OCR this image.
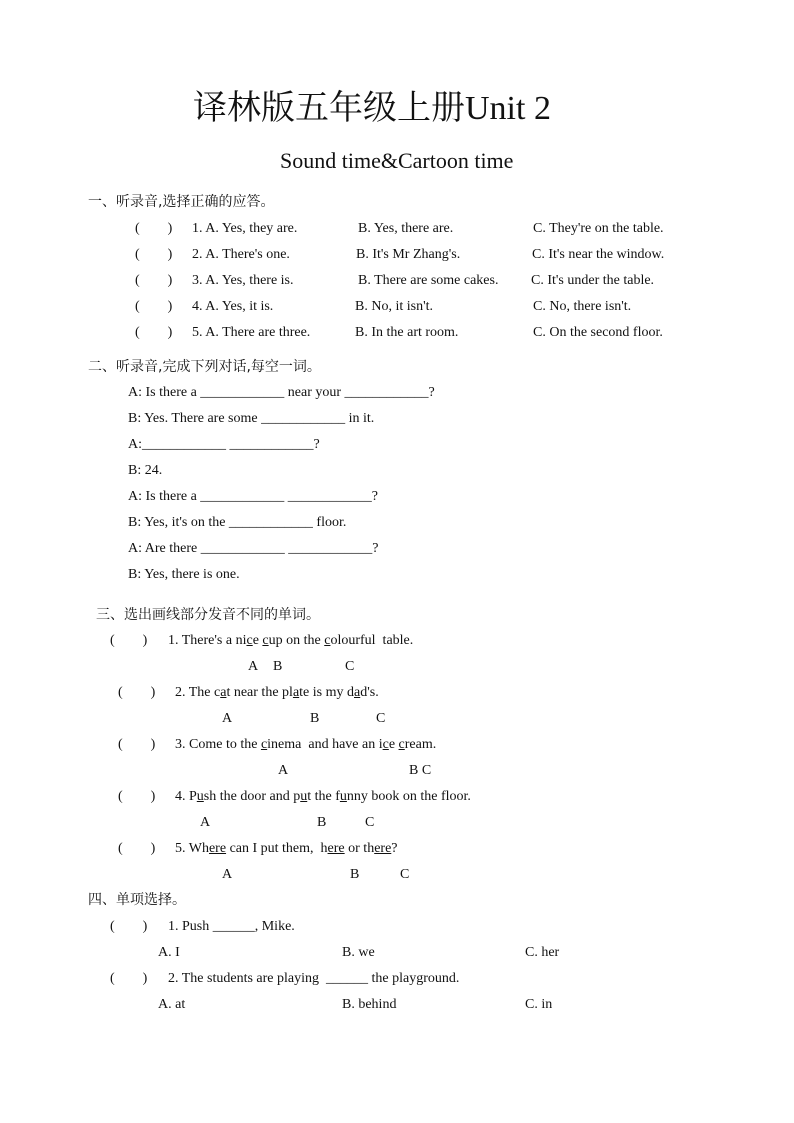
译林版五年级上册Unit 2
Sound time&Cartoon time
一、听录音,选择正确的应答。
(        ) 1. A. Yes, they are.	B. Yes, there are.	C. They're on the table.
(        ) 2. A. There's one.	B. It's Mr Zhang's.	C. It's near the window.
(        ) 3. A. Yes, there is.	B. There are some cakes. C. It's under the table.
(        ) 4. A. Yes, it is.	B. No, it isn't.	C. No, there isn't.
(        ) 5. A. There are three.	B. In the art room.	C. On the second floor.
二、听录音,完成下列对话,每空一词。
A: Is there a ____________ near your ____________?
B: Yes. There are some ____________ in it.
A:____________ ____________?
B: 24.
A: Is there a ____________ ____________?
B: Yes, it's on the ____________ floor.
A: Are there ____________ ____________?
B: Yes, there is one.
三、选出画线部分发音不同的单词。
(        ) 1. There's a nice cup on the colourful  table.
A B	C
(        ) 2. The cat near the plate is my dad's.
A	B	C
(        ) 3. Come to the cinema  and have an ice cream.
A	B C
(        ) 4. Push the door and put the funny book on the floor.
A	B	C
(        ) 5. Where can I put them,  here or there?
A	B	C
四、单项选择。
(        ) 1. Push ______, Mike.
A. I	B. we	C. her
(        ) 2. The students are playing  ______ the playground.
A. at	B. behind	C. in
